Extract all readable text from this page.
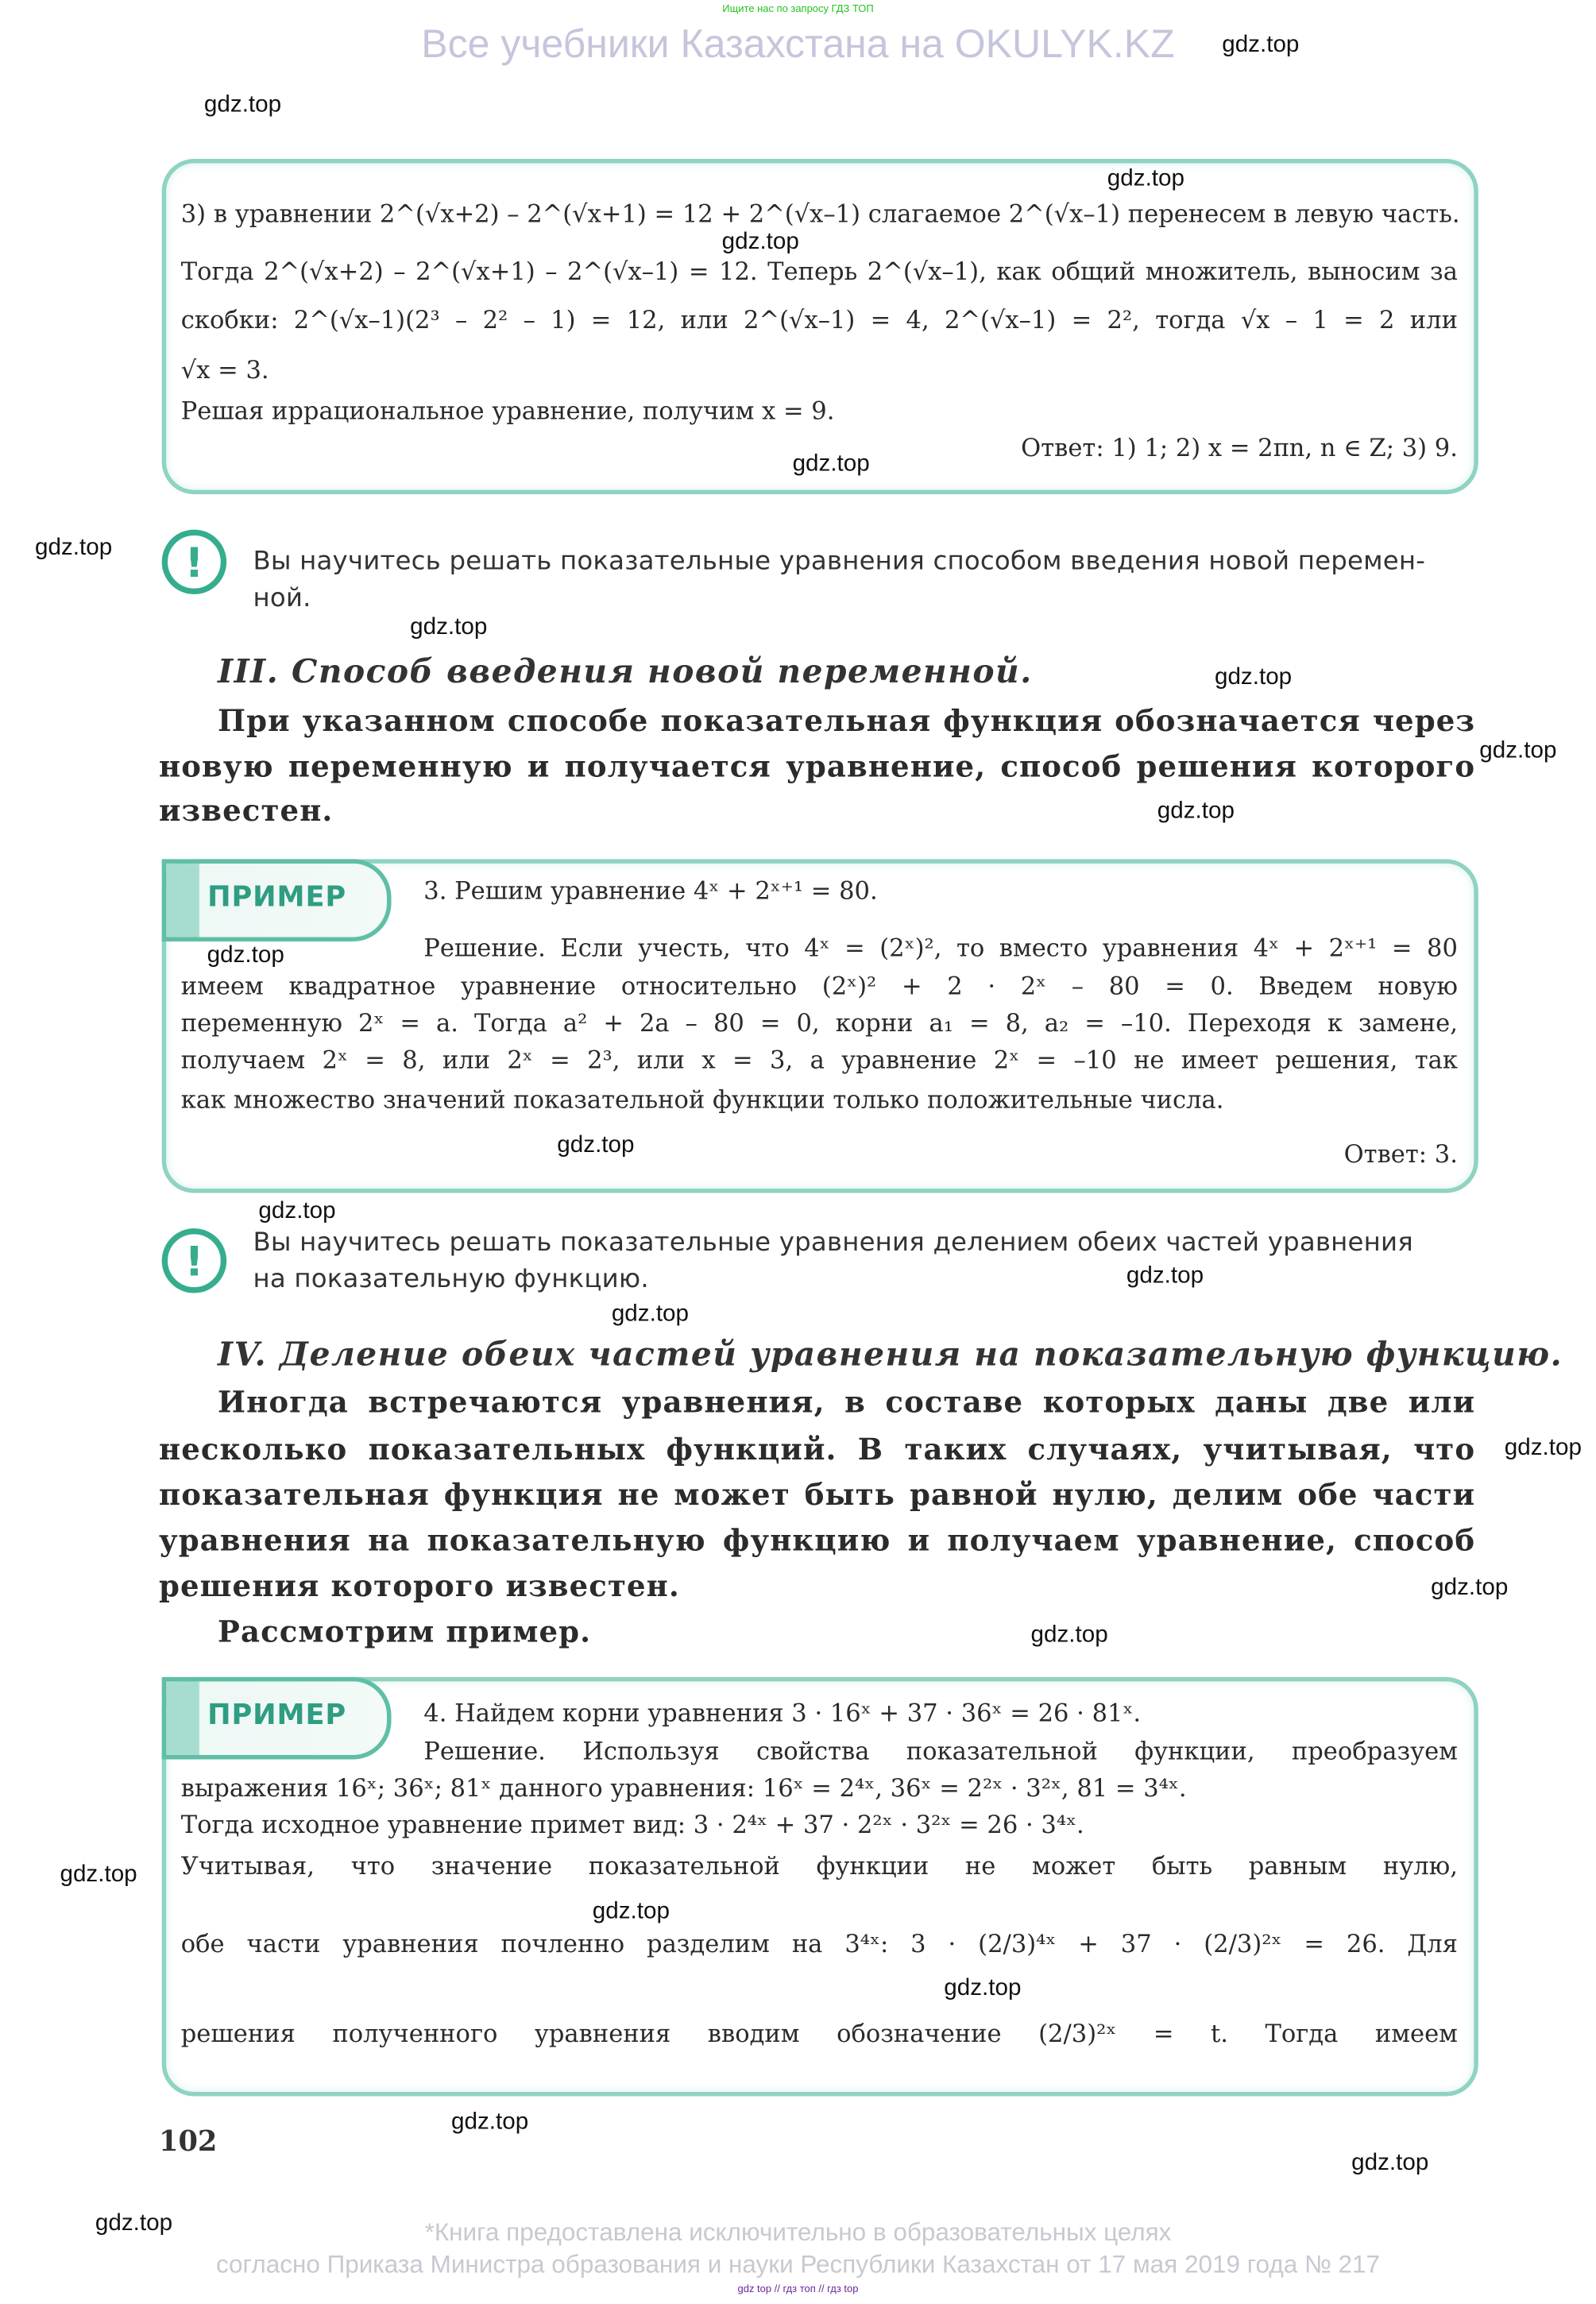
Ищите нас по запросу ГДЗ ТОП
Все учебники Казахстана на OKULYK.KZ
3) в уравнении 2^(√x+2) – 2^(√x+1) = 12 + 2^(√x–1) слагаемое 2^(√x–1) перенесем в левую часть.
Тогда 2^(√x+2) – 2^(√x+1) – 2^(√x–1) = 12. Теперь 2^(√x–1), как общий множитель, выносим за
скобки: 2^(√x–1)(2³ – 2² – 1) = 12, или 2^(√x–1) = 4, 2^(√x–1) = 2², тогда √x – 1 = 2 или
√x = 3.
Решая иррациональное уравнение, получим x = 9.
Ответ: 1) 1; 2) x = 2πn, n ∈ Z; 3) 9.
!	Вы научитесь решать показательные уравнения способом введения новой перемен-
ной.
III. Способ введения новой переменной.
При указанном способе показательная функция обозначается через
новую переменную и получается уравнение, способ решения которого
известен.
ПРИМЕР	3. Решим уравнение 4ˣ + 2ˣ⁺¹ = 80.
Решение. Если учесть, что 4ˣ = (2ˣ)², то вместо уравнения 4ˣ + 2ˣ⁺¹ = 80
имеем квадратное уравнение относительно (2ˣ)² + 2 · 2ˣ – 80 = 0. Введем новую
переменную 2ˣ = a. Тогда a² + 2a – 80 = 0, корни a₁ = 8, a₂ = –10. Переходя к замене,
получаем 2ˣ = 8, или 2ˣ = 2³, или x = 3, а уравнение 2ˣ = –10 не имеет решения, так
как множество значений показательной функции только положительные числа.
Ответ: 3.
!	Вы научитесь решать показательные уравнения делением обеих частей уравнения
на показательную функцию.
IV. Деление обеих частей уравнения на показательную функцию.
Иногда встречаются уравнения, в составе которых даны две или
несколько показательных функций. В таких случаях, учитывая, что
показательная функция не может быть равной нулю, делим обе части
уравнения на показательную функцию и получаем уравнение, способ
решения которого известен.
Рассмотрим пример.
ПРИМЕР	4. Найдем корни уравнения 3 · 16ˣ + 37 · 36ˣ = 26 · 81ˣ.
Решение. Используя свойства показательной функции, преобразуем
выражения 16ˣ; 36ˣ; 81ˣ данного уравнения: 16ˣ = 2⁴ˣ, 36ˣ = 2²ˣ · 3²ˣ, 81 = 3⁴ˣ.
Тогда исходное уравнение примет вид: 3 · 2⁴ˣ + 37 · 2²ˣ · 3²ˣ = 26 · 3⁴ˣ.
Учитывая, что значение показательной функции не может быть равным нулю,
обе части уравнения почленно разделим на 3⁴ˣ: 3 · (2/3)⁴ˣ + 37 · (2/3)²ˣ = 26. Для
решения полученного уравнения вводим обозначение (2/3)²ˣ = t. Тогда имеем
102
*Книга предоставлена исключительно в образовательных целях
согласно Приказа Министра образования и науки Республики Казахстан от 17 мая 2019 года № 217
gdz top // гдз топ // гдз top
gdz.top
gdz.top
gdz.top
gdz.top
gdz.top
gdz.top
gdz.top
gdz.top
gdz.top
gdz.top
gdz.top
gdz.top
gdz.top
gdz.top
gdz.top
gdz.top
gdz.top
gdz.top
gdz.top
gdz.top
gdz.top
gdz.top
gdz.top
gdz.top
